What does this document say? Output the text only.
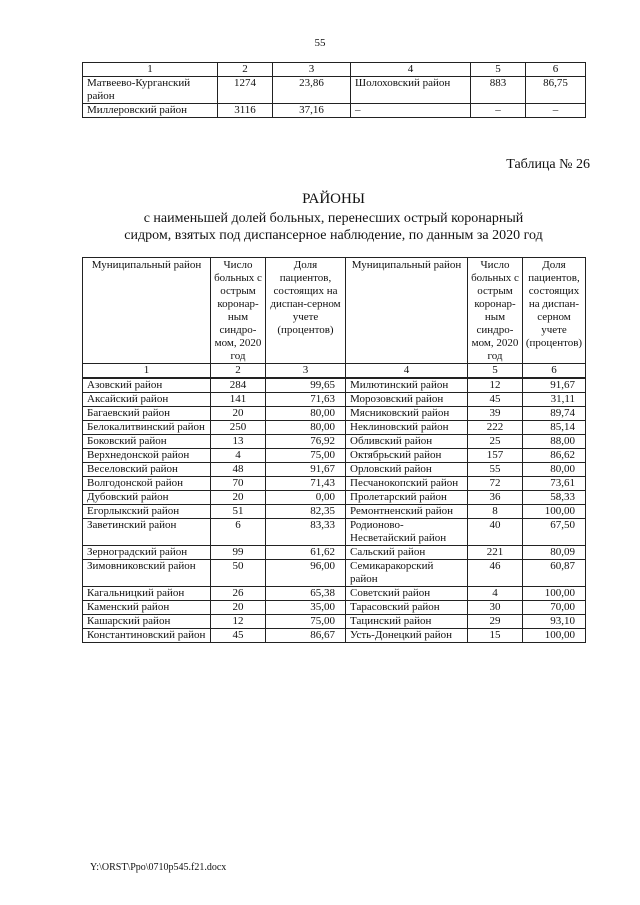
55
1	2	3	4	5	6
Матвеево-Курганский район	1274	23,86	Шолоховский район	883	86,75
Миллеровский район	3116	37,16	–	–	–
Таблица № 26
РАЙОНЫ
с наименьшей долей больных, перенесших острый коронарный
сидром, взятых под диспансерное наблюдение, по данным за 2020 год
Муниципальный район	Число больных с острым коронар-ным синдро-мом, 2020 год	Доля пациентов, состоящих на диспан-серном учете (процентов)	Муниципальный район	Число больных с острым коронар-ным синдро-мом, 2020 год	Доля пациентов, состоящих на диспан-серном учете (процентов)
1	2	3	4	5	6
Азовский район	284	99,65	Милютинский район	12	91,67
Аксайский район	141	71,63	Морозовский район	45	31,11
Багаевский район	20	80,00	Мясниковский район	39	89,74
Белокалитвинский район	250	80,00	Неклиновский район	222	85,14
Боковский район	13	76,92	Обливский район	25	88,00
Верхнедонской район	4	75,00	Октябрьский район	157	86,62
Веселовский район	48	91,67	Орловский район	55	80,00
Волгодонской район	70	71,43	Песчанокопский район	72	73,61
Дубовский район	20	0,00	Пролетарский район	36	58,33
Егорлыкский район	51	82,35	Ремонтненский район	8	100,00
Заветинский район	6	83,33	Родионово-Несветайский район	40	67,50
Зерноградский район	99	61,62	Сальский район	221	80,09
Зимовниковский район	50	96,00	Семикаракорский район	46	60,87
Кагальницкий район	26	65,38	Советский район	4	100,00
Каменский район	20	35,00	Тарасовский район	30	70,00
Кашарский район	12	75,00	Тацинский район	29	93,10
Константиновский район	45	86,67	Усть-Донецкий район	15	100,00
Y:\ORST\Ppo\0710p545.f21.docx
